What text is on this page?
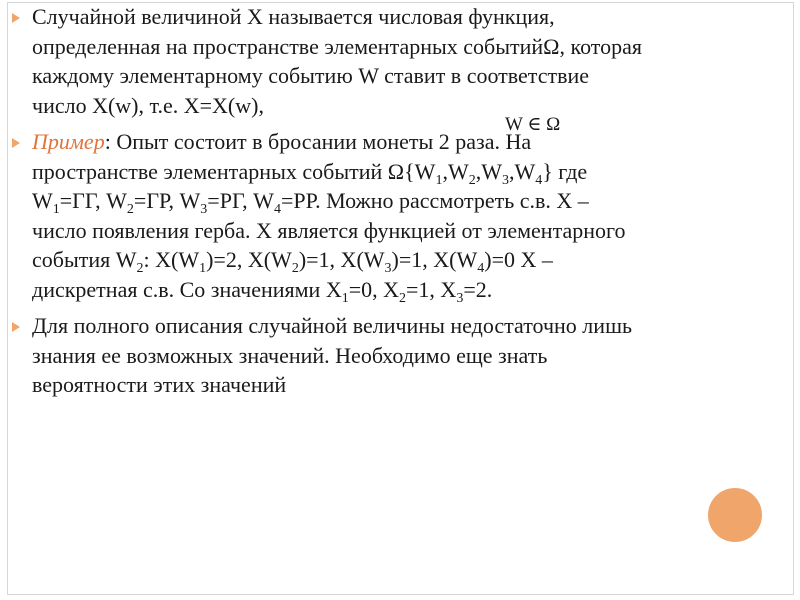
Случайной величиной Х называется числовая функция,
определенная на пространстве элементарных событийΩ, которая
каждому элементарному событию W ставит в соответствие
число X(w), т.е. X=X(w),

Пример: Опыт состоит в бросании монеты 2 раза. На
пространстве элементарных событий $\Omega\{W_1,W_2,W_3,W_4\}$ где
$W_1=ГГ$, $W_2=ГР$, $W_3=РГ$, $W_4=РР$. Можно рассмотреть с.в. Х –
число появления герба. Х является функцией от элементарного
события $W_2$: $X(W_1)=2$, $X(W_2)=1$, $X(W_3)=1$, $X(W_4)=0$ Х –
дискретная с.в. Со значениями $Х_1=0$, $Х_2=1$, $Х_3=2$.

Для полного описания случайной величины недостаточно лишь
знания ее возможных значений. Необходимо еще знать
вероятности этих значений

W ∈ Ω
